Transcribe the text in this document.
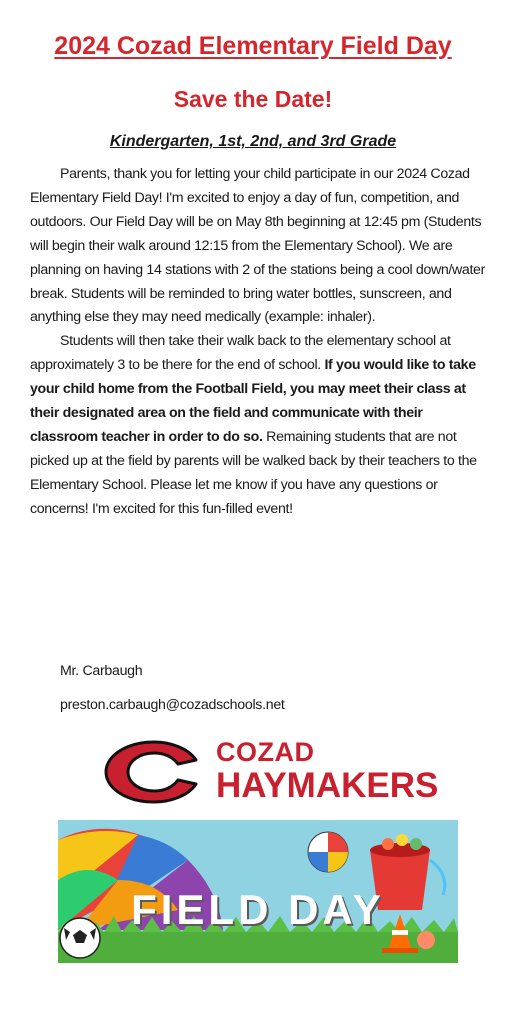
2024 Cozad Elementary Field Day
Save the Date!
Kindergarten, 1st, 2nd, and 3rd Grade

Parents, thank you for letting your child participate in our 2024 Cozad Elementary Field Day! I'm excited to enjoy a day of fun, competition, and outdoors. Our Field Day will be on May 8th beginning at 12:45 pm (Students will begin their walk around 12:15 from the Elementary School). We are planning on having 14 stations with 2 of the stations being a cool down/water break. Students will be reminded to bring water bottles, sunscreen, and anything else they may need medically (example: inhaler).

Students will then take their walk back to the elementary school at approximately 3 to be there for the end of school. If you would like to take your child home from the Football Field, you may meet their class at their designated area on the field and communicate with their classroom teacher in order to do so. Remaining students that are not picked up at the field by parents will be walked back by their teachers to the Elementary School. Please let me know if you have any questions or concerns! I'm excited for this fun-filled event!

Mr. Carbaugh
preston.carbaugh@cozadschools.net
COZAD
HAYMAKERS
FIELD DAY
